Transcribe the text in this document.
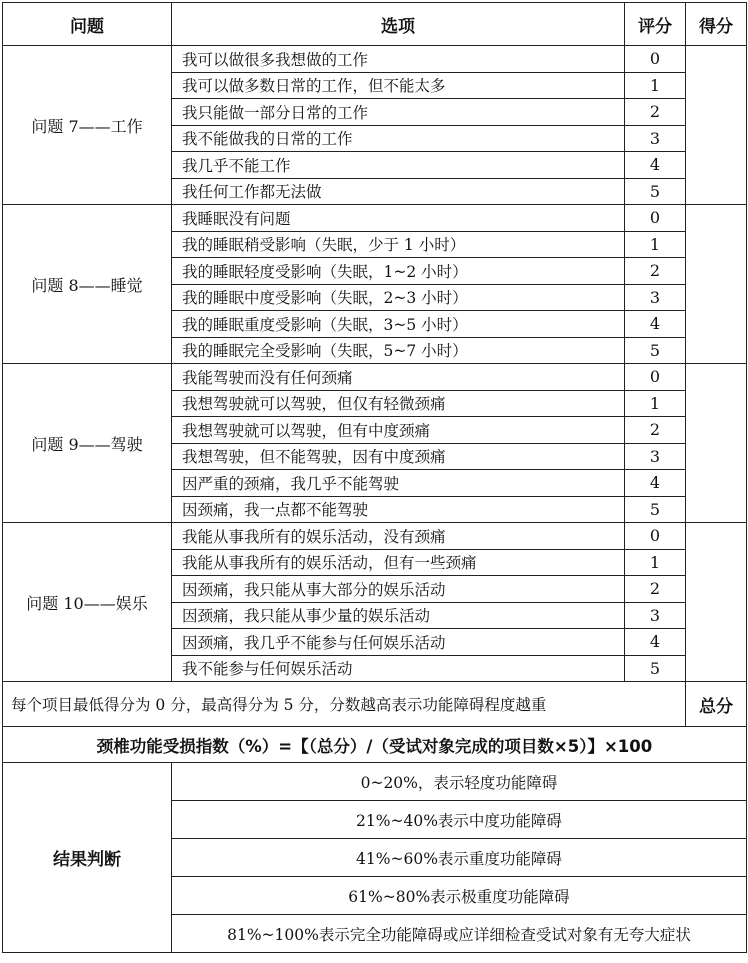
问题	选项	评分	得分
问题 7——工作	我可以做很多我想做的工作	0	
	我可以做多数日常的工作，但不能太多	1	
	我只能做一部分日常的工作	2	
	我不能做我的日常的工作	3	
	我几乎不能工作	4	
	我任何工作都无法做	5	
问题 8——睡觉	我睡眠没有问题	0	
	我的睡眠稍受影响（失眠，少于 1 小时）	1	
	我的睡眠轻度受影响（失眠，1~2 小时）	2	
	我的睡眠中度受影响（失眠，2~3 小时）	3	
	我的睡眠重度受影响（失眠，3~5 小时）	4	
	我的睡眠完全受影响（失眠，5~7 小时）	5	
问题 9——驾驶	我能驾驶而没有任何颈痛	0	
	我想驾驶就可以驾驶，但仅有轻微颈痛	1	
	我想驾驶就可以驾驶，但有中度颈痛	2	
	我想驾驶，但不能驾驶，因有中度颈痛	3	
	因严重的颈痛，我几乎不能驾驶	4	
	因颈痛，我一点都不能驾驶	5	
问题 10——娱乐	我能从事我所有的娱乐活动，没有颈痛	0	
	我能从事我所有的娱乐活动，但有一些颈痛	1	
	因颈痛，我只能从事大部分的娱乐活动	2	
	因颈痛，我只能从事少量的娱乐活动	3	
	因颈痛，我几乎不能参与任何娱乐活动	4	
	我不能参与任何娱乐活动	5	
每个项目最低得分为 0 分，最高得分为 5 分，分数越高表示功能障碍程度越重			总分
颈椎功能受损指数（%）=【（总分）/（受试对象完成的项目数×5）】×100			
结果判断	0~20%，表示轻度功能障碍		
	21%~40%表示中度功能障碍		
	41%~60%表示重度功能障碍		
	61%~80%表示极重度功能障碍		
	81%~100%表示完全功能障碍或应详细检查受试对象有无夸大症状		
